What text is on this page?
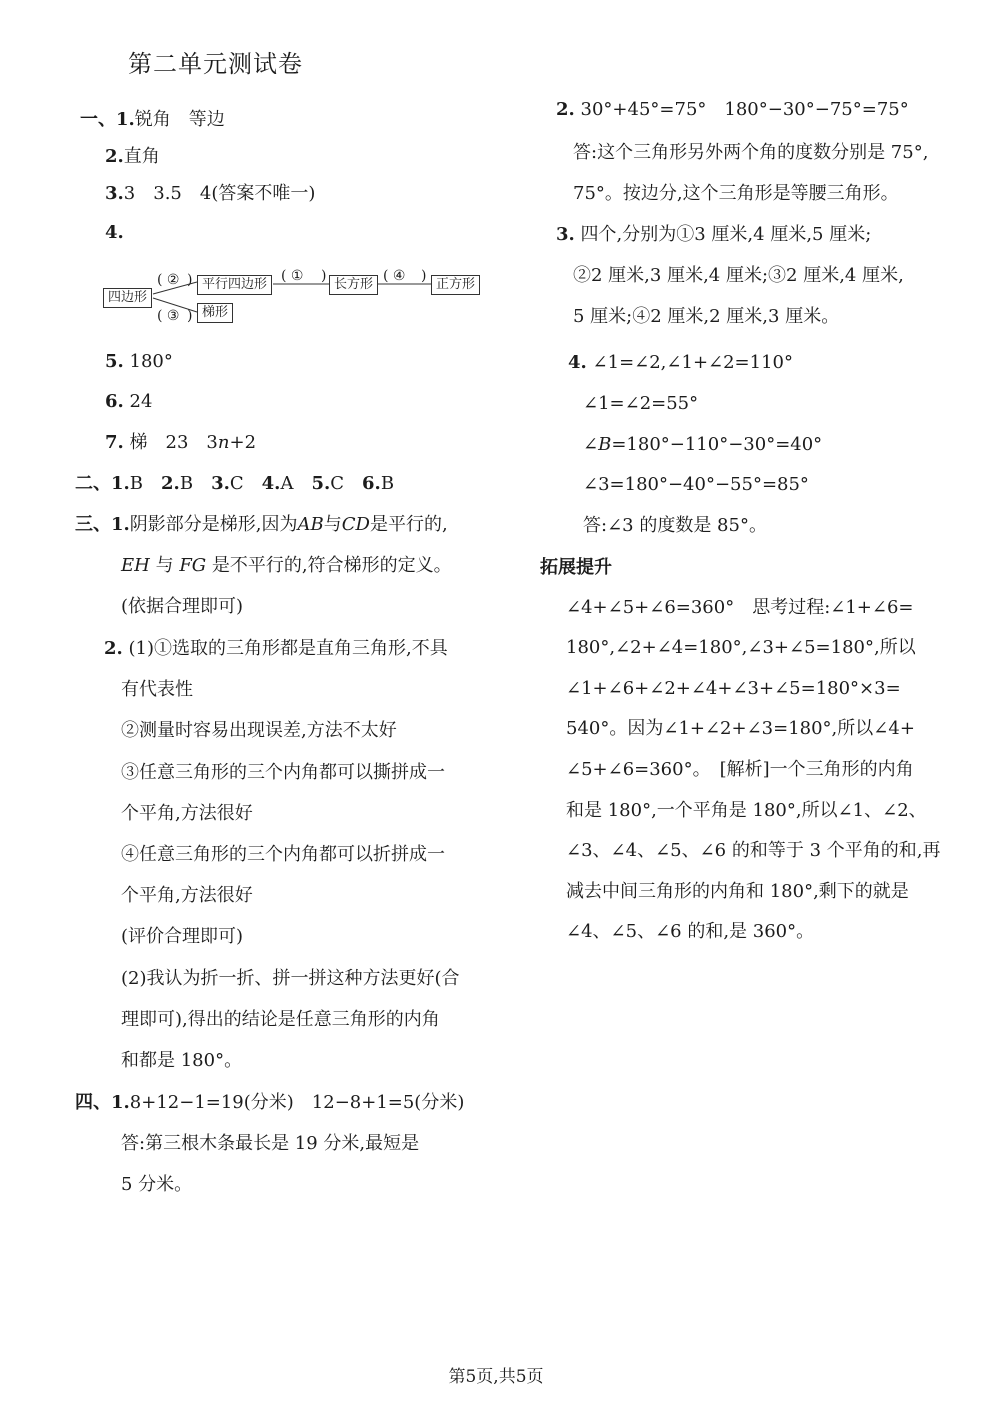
第二单元测试卷
一、1.锐角　等边
2.直角
3.3　3.5　4(答案不唯一)
4.
四边形
平行四边形	长方形	正方形
梯形
( ② )	( ① )	( ④ )
( ③ )
5. 180°
6. 24
7. 梯　23　3n+2
二、1.B　 2.B　 3.C　 4.A　 5.C　 6.B
三、1.阴影部分是梯形,因为AB与CD是平行的,
EH 与 FG 是不平行的,符合梯形的定义。
(依据合理即可)
2. (1)①选取的三角形都是直角三角形,不具
有代表性
②测量时容易出现误差,方法不太好
③任意三角形的三个内角都可以撕拼成一
个平角,方法很好
④任意三角形的三个内角都可以折拼成一
个平角,方法很好
(评价合理即可)
(2)我认为折一折、拼一拼这种方法更好(合
理即可),得出的结论是任意三角形的内角
和都是 180°。
四、1.8+12−1=19(分米)　12−8+1=5(分米)
答:第三根木条最长是 19 分米,最短是
5 分米。
2. 30°+45°=75°　180°−30°−75°=75°
答:这个三角形另外两个角的度数分别是 75°,
75°。按边分,这个三角形是等腰三角形。
3. 四个,分别为①3 厘米,4 厘米,5 厘米;
②2 厘米,3 厘米,4 厘米;③2 厘米,4 厘米,
5 厘米;④2 厘米,2 厘米,3 厘米。
4. ∠1=∠2,∠1+∠2=110°
∠1=∠2=55°
∠B=180°−110°−30°=40°
∠3=180°−40°−55°=85°
答:∠3 的度数是 85°。
拓展提升
∠4+∠5+∠6=360°　思考过程:∠1+∠6=
180°,∠2+∠4=180°,∠3+∠5=180°,所以
∠1+∠6+∠2+∠4+∠3+∠5=180°×3=
540°。因为∠1+∠2+∠3=180°,所以∠4+
∠5+∠6=360°。　[解析]一个三角形的内角
和是 180°,一个平角是 180°,所以∠1、∠2、
∠3、∠4、∠5、∠6 的和等于 3 个平角的和,再
减去中间三角形的内角和 180°,剩下的就是
∠4、∠5、∠6 的和,是 360°。
第5页,共5页
